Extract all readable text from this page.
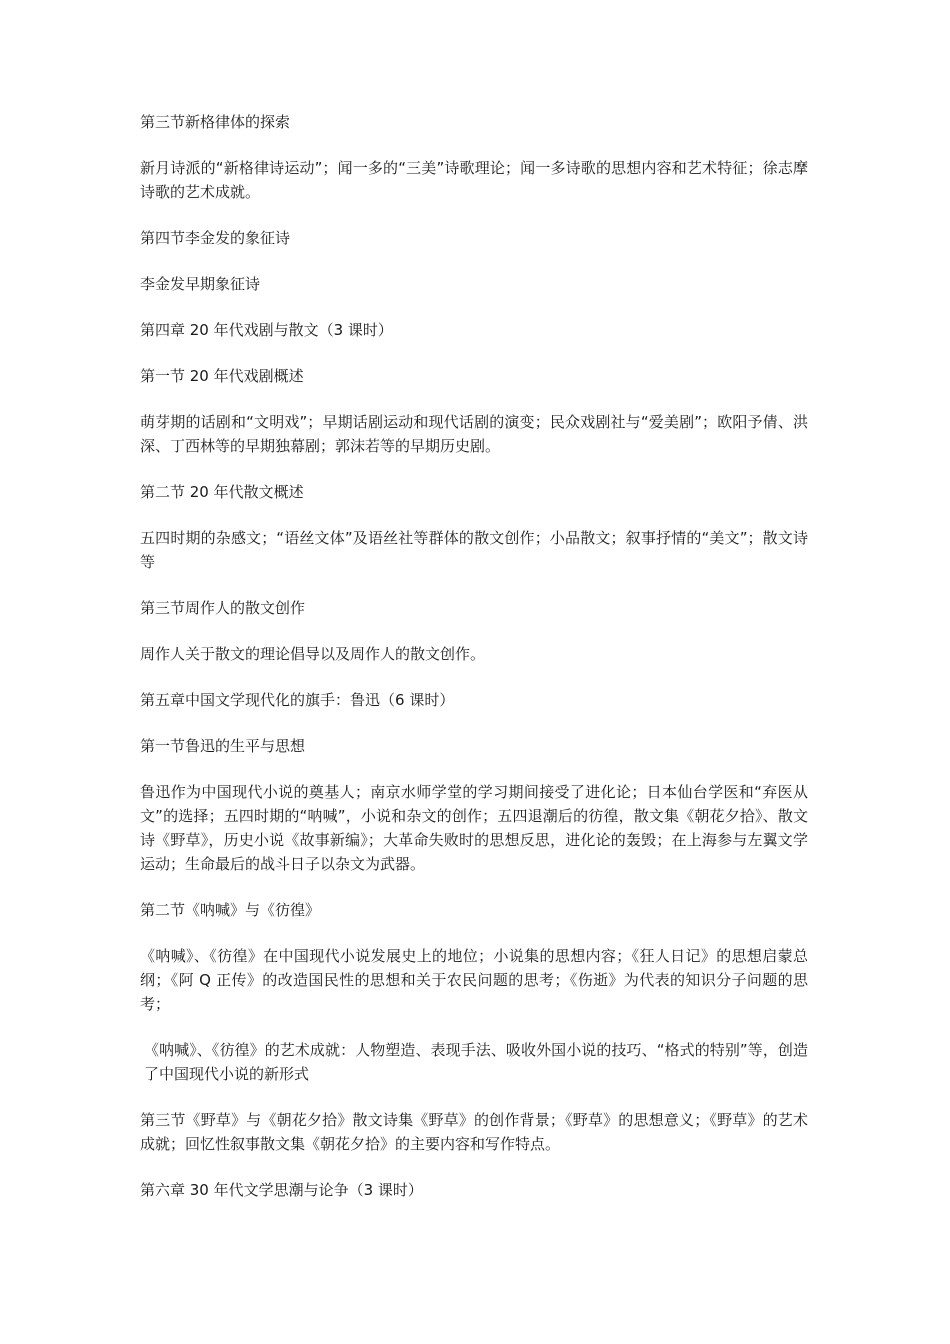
第三节新格律体的探索

新月诗派的“新格律诗运动”；闻一多的“三美”诗歌理论；闻一多诗歌的思想内容和艺术特征；徐志摩诗歌的艺术成就。

第四节李金发的象征诗

李金发早期象征诗

第四章 20 年代戏剧与散文（3 课时）

第一节 20 年代戏剧概述

萌芽期的话剧和“文明戏”；早期话剧运动和现代话剧的演变；民众戏剧社与“爱美剧”；欧阳予倩、洪深、丁西林等的早期独幕剧；郭沫若等的早期历史剧。

第二节 20 年代散文概述

五四时期的杂感文；“语丝文体”及语丝社等群体的散文创作；小品散文；叙事抒情的“美文”；散文诗等

第三节周作人的散文创作

周作人关于散文的理论倡导以及周作人的散文创作。

第五章中国文学现代化的旗手：鲁迅（6 课时）

第一节鲁迅的生平与思想

鲁迅作为中国现代小说的奠基人；南京水师学堂的学习期间接受了进化论；日本仙台学医和“弃医从文”的选择；五四时期的“呐喊”，小说和杂文的创作；五四退潮后的彷徨，散文集《朝花夕拾》、散文诗《野草》，历史小说《故事新编》；大革命失败时的思想反思，进化论的轰毁；在上海参与左翼文学运动；生命最后的战斗日子以杂文为武器。

第二节《呐喊》与《彷徨》

《呐喊》、《彷徨》在中国现代小说发展史上的地位；小说集的思想内容；《狂人日记》的思想启蒙总纲；《阿 Q 正传》的改造国民性的思想和关于农民问题的思考；《伤逝》为代表的知识分子问题的思考；

《呐喊》、《彷徨》的艺术成就：人物塑造、表现手法、吸收外国小说的技巧、“格式的特别”等，创造了中国现代小说的新形式

第三节《野草》与《朝花夕拾》散文诗集《野草》的创作背景；《野草》的思想意义；《野草》的艺术成就；回忆性叙事散文集《朝花夕拾》的主要内容和写作特点。

第六章 30 年代文学思潮与论争（3 课时）
